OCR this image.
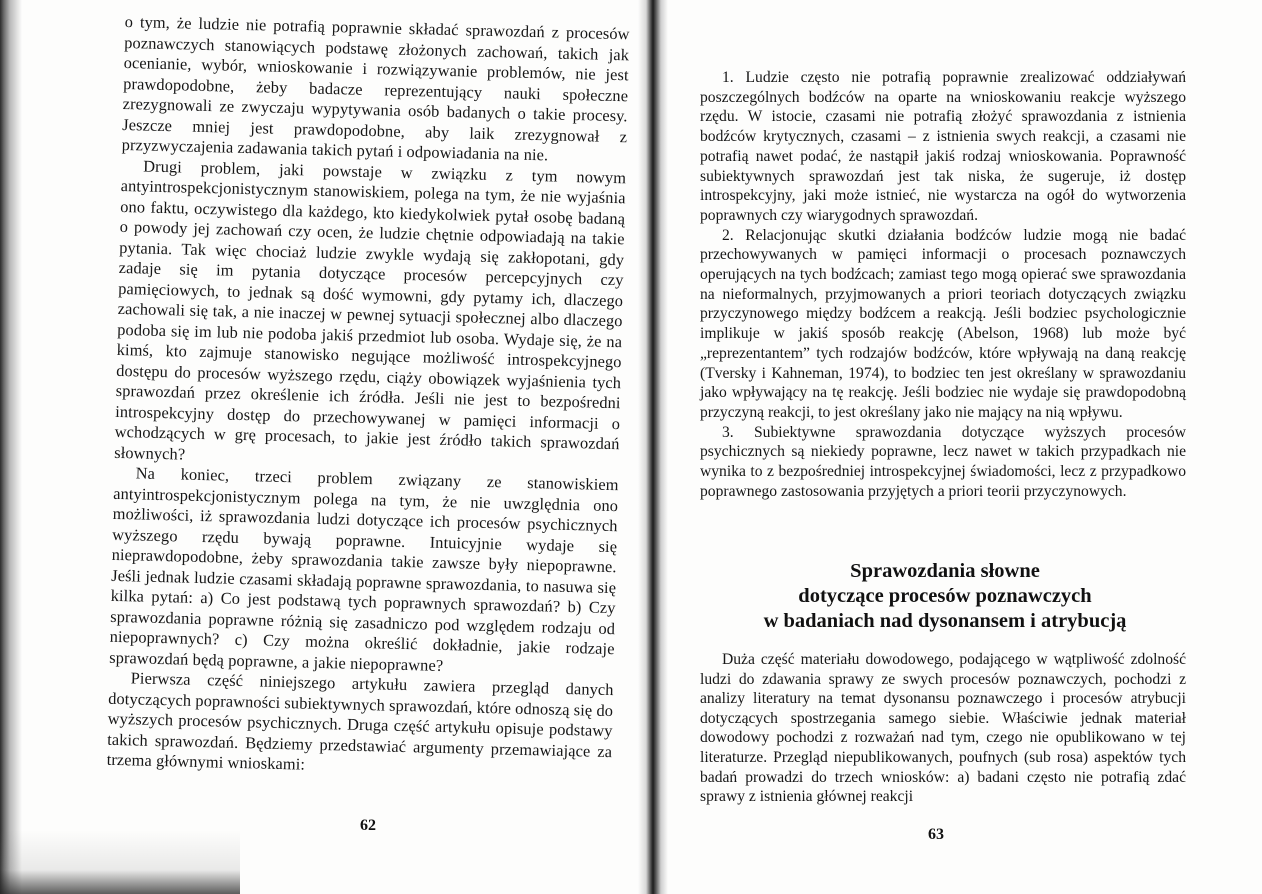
o tym, że ludzie nie potrafią poprawnie składać sprawozdań z procesów poznawczych stanowiących podstawę złożonych zachowań, takich jak ocenianie, wybór, wnioskowanie i rozwiązywanie problemów, nie jest prawdopodobne, żeby badacze reprezentujący nauki społeczne zrezygnowali ze zwyczaju wypytywania osób badanych o takie procesy. Jeszcze mniej jest prawdopodobne, aby laik zrezygnował z przyzwyczajenia zadawania takich pytań i odpowiadania na nie.

Drugi problem, jaki powstaje w związku z tym nowym antyintrospekcjonistycznym stanowiskiem, polega na tym, że nie wyjaśnia ono faktu, oczywistego dla każdego, kto kiedykolwiek pytał osobę badaną o powody jej zachowań czy ocen, że ludzie chętnie odpowiadają na takie pytania. Tak więc chociaż ludzie zwykle wydają się zakłopotani, gdy zadaje się im pytania dotyczące procesów percepcyjnych czy pamięciowych, to jednak są dość wymowni, gdy pytamy ich, dlaczego zachowali się tak, a nie inaczej w pewnej sytuacji społecznej albo dlaczego podoba się im lub nie podoba jakiś przedmiot lub osoba. Wydaje się, że na kimś, kto zajmuje stanowisko negujące możliwość introspekcyjnego dostępu do procesów wyższego rzędu, ciąży obowiązek wyjaśnienia tych sprawozdań przez określenie ich źródła. Jeśli nie jest to bezpośredni introspekcyjny dostęp do przechowywanej w pamięci informacji o wchodzących w grę procesach, to jakie jest źródło takich sprawozdań słownych?

Na koniec, trzeci problem związany ze stanowiskiem antyintrospekcjonistycznym polega na tym, że nie uwzględnia ono możliwości, iż sprawozdania ludzi dotyczące ich procesów psychicznych wyższego rzędu bywają poprawne. Intuicyjnie wydaje się nieprawdopodobne, żeby sprawozdania takie zawsze były niepoprawne. Jeśli jednak ludzie czasami składają poprawne sprawozdania, to nasuwa się kilka pytań: a) Co jest podstawą tych poprawnych sprawozdań? b) Czy sprawozdania poprawne różnią się zasadniczo pod względem rodzaju od niepoprawnych? c) Czy można określić dokładnie, jakie rodzaje sprawozdań będą poprawne, a jakie niepoprawne?

Pierwsza część niniejszego artykułu zawiera przegląd danych dotyczących poprawności subiektywnych sprawozdań, które odnoszą się do wyższych procesów psychicznych. Druga część artykułu opisuje podstawy takich sprawozdań. Będziemy przedstawiać argumenty przemawiające za trzema głównymi wnioskami:

62

1. Ludzie często nie potrafią poprawnie zrealizować oddziaływań poszczególnych bodźców na oparte na wnioskowaniu reakcje wyższego rzędu. W istocie, czasami nie potrafią złożyć sprawozdania z istnienia bodźców krytycznych, czasami – z istnienia swych reakcji, a czasami nie potrafią nawet podać, że nastąpił jakiś rodzaj wnioskowania. Poprawność subiektywnych sprawozdań jest tak niska, że sugeruje, iż dostęp introspekcyjny, jaki może istnieć, nie wystarcza na ogół do wytworzenia poprawnych czy wiarygodnych sprawozdań.

2. Relacjonując skutki działania bodźców ludzie mogą nie badać przechowywanych w pamięci informacji o procesach poznawczych operujących na tych bodźcach; zamiast tego mogą opierać swe sprawozdania na nieformalnych, przyjmowanych a priori teoriach dotyczących związku przyczynowego między bodźcem a reakcją. Jeśli bodziec psychologicznie implikuje w jakiś sposób reakcję (Abelson, 1968) lub może być „reprezentantem” tych rodzajów bodźców, które wpływają na daną reakcję (Tversky i Kahneman, 1974), to bodziec ten jest określany w sprawozdaniu jako wpływający na tę reakcję. Jeśli bodziec nie wydaje się prawdopodobną przyczyną reakcji, to jest określany jako nie mający na nią wpływu.

3. Subiektywne sprawozdania dotyczące wyższych procesów psychicznych są niekiedy poprawne, lecz nawet w takich przypadkach nie wynika to z bezpośredniej introspekcyjnej świadomości, lecz z przypadkowo poprawnego zastosowania przyjętych a priori teorii przyczynowych.

Sprawozdania słowne
dotyczące procesów poznawczych
w badaniach nad dysonansem i atrybucją

Duża część materiału dowodowego, podającego w wątpliwość zdolność ludzi do zdawania sprawy ze swych procesów poznawczych, pochodzi z analizy literatury na temat dysonansu poznawczego i procesów atrybucji dotyczących spostrzegania samego siebie. Właściwie jednak materiał dowodowy pochodzi z rozważań nad tym, czego nie opublikowano w tej literaturze. Przegląd niepublikowanych, poufnych (sub rosa) aspektów tych badań prowadzi do trzech wniosków: a) badani często nie potrafią zdać sprawy z istnienia głównej reakcji

63
